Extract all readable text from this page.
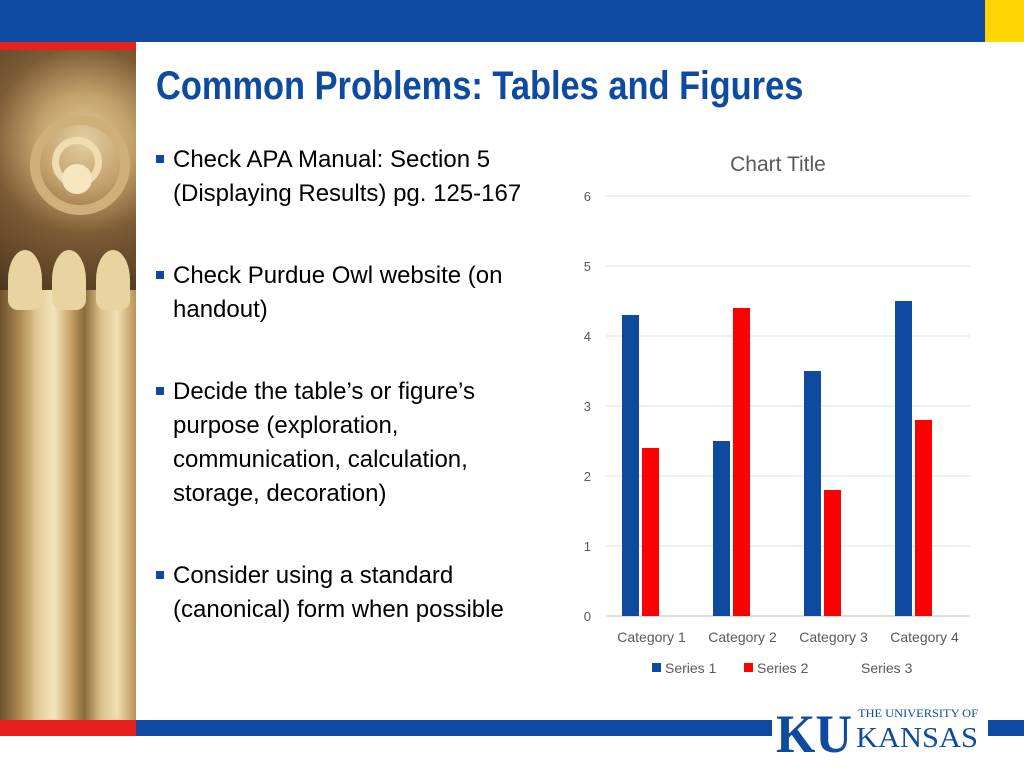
KU THE UNIVERSITY OF
KANSAS
Common Problems: Tables and Figures
Check APA Manual: Section 5 (Displaying Results) pg. 125-167
Check Purdue Owl website (on handout)
Decide the table’s or figure’s purpose (exploration, communication, calculation, storage, decoration)
Consider using a standard (canonical) form when possible
Chart Title
0
1
2
3
4
5
6
Category 1 Category 2 Category 3 Category 4
Series 1	Series 2	Series 3
